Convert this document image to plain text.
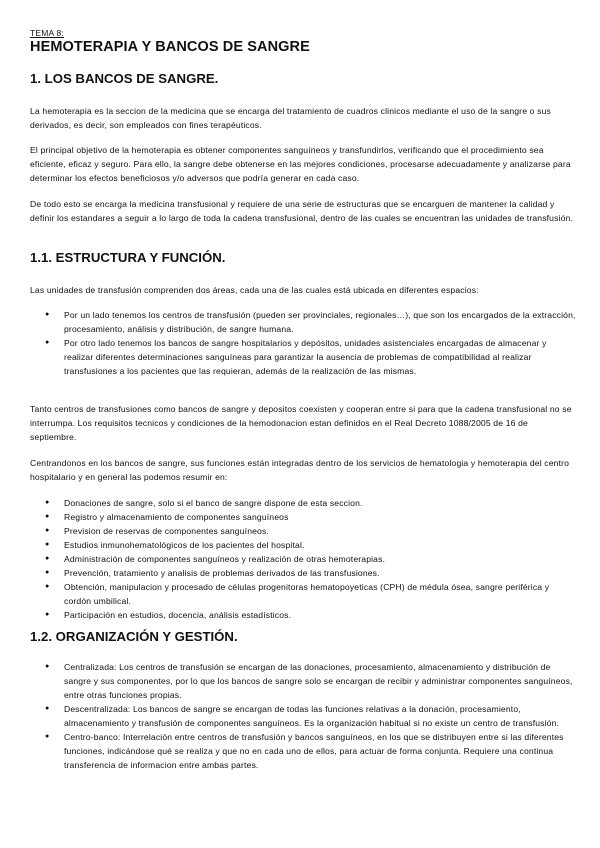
TEMA 8:
HEMOTERAPIA Y BANCOS DE SANGRE
1. LOS BANCOS DE SANGRE.

La hemoterapia es la seccion de la medicina que se encarga del tratamiento de cuadros clinicos mediante el uso de la sangre o sus derivados, es decir, son empleados con fines terapéuticos.

El principal objetivo de la hemoterapia es obtener componentes sanguíneos y transfundirlos, verificando que el procedimiento sea eficiente, eficaz y seguro. Para ello, la sangre debe obtenerse en las mejores condiciones, procesarse adecuadamente y analizarse para determinar los efectos beneficiosos y/o adversos que podría generar en cada caso.

De todo esto se encarga la medicina transfusional y requiere de una serie de estructuras que se encarguen de mantener la calidad y definir los estandares a seguir a lo largo de toda la cadena transfusional, dentro de las cuales se encuentran las unidades de transfusión.

1.1. ESTRUCTURA Y FUNCIÓN.

Las unidades de transfusión comprenden dos áreas, cada una de las cuales está ubicada en diferentes espacios:

● Por un lado tenemos los centros de transfusión (pueden ser provinciales, regionales…), que son los encargados de la extracción, procesamiento, análisis y distribución, de sangre humana.
● Por otro lado tenemos los bancos de sangre hospitalarios y depósitos, unidades asistenciales encargadas de almacenar y realizar diferentes determinaciones sanguíneas para garantizar la ausencia de problemas de compatibilidad al realizar transfusiones a los pacientes que las requieran, además de la realización de las mismas.

Tanto centros de transfusiones como bancos de sangre y depositos coexisten y cooperan entre si para que la cadena transfusional no se interrumpa. Los requisitos tecnicos y condiciones de la hemodonacion estan definidos en el Real Decreto 1088/2005 de 16 de septiembre.

Centrandonos en los bancos de sangre, sus funciones están integradas dentro de los servicios de hematologia y hemoterapia del centro hospitalario y en general las podemos resumir en:

● Donaciones de sangre, solo si el banco de sangre dispone de esta seccion.
● Registro y almacenamiento de componentes sanguíneos
● Prevision de reservas de componentes sanguíneos.
● Estudios inmunohematológicos de los pacientes del hospital.
● Administración de componentes sanguíneos y realización de otras hemoterapias.
● Prevención, tratamiento y analisis de problemas derivados de las transfusiones.
● Obtención, manipulacion y procesado de células progenitoras hematopoyeticas (CPH) de médula ósea, sangre periférica y cordón umbilical.
● Participación en estudios, docencia, análisis estadísticos.
1.2. ORGANIZACIÓN Y GESTIÓN.
● Centralizada: Los centros de transfusión se encargan de las donaciones, procesamiento, almacenamiento y distribución de sangre y sus componentes, por lo que los bancos de sangre solo se encargan de recibir y administrar componentes sanguíneos, entre otras funciones propias.
● Descentralizada: Los bancos de sangre se encargan de todas las funciones relativas a la donación, procesamiento, almacenamiento y transfusión de componentes sanguíneos. Es la organización habitual si no existe un centro de transfusión.
● Centro-banco: Interrelación entre centros de transfusión y bancos sanguíneos, en los que se distribuyen entre si las diferentes funciones, indicándose qué se realiza y que no en cada uno de ellos, para actuar de forma conjunta. Requiere una continua transferencia de informacion entre ambas partes.
